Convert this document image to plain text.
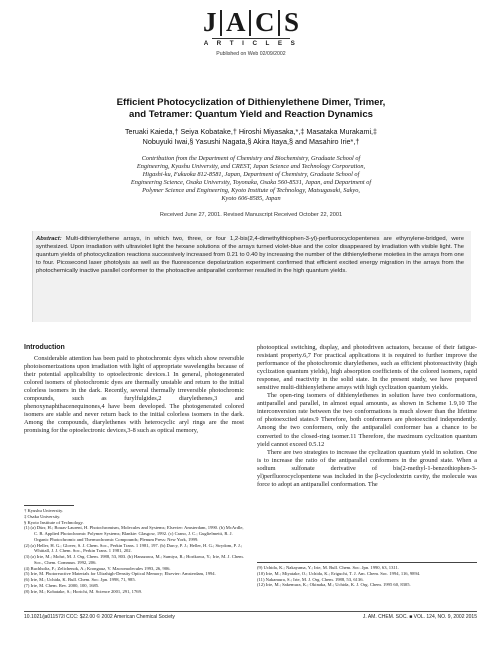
J A C S
A R T I C L E S
Published on Web 02/09/2002
Efficient Photocyclization of Dithienylethene Dimer, Trimer,
and Tetramer: Quantum Yield and Reaction Dynamics
Teruaki Kaieda,† Seiya Kobatake,† Hiroshi Miyasaka,*,‡ Masataka Murakami,‡
Nobuyuki Iwai,§ Yasushi Nagata,§ Akira Itaya,§ and Masahiro Irie*,†
Contribution from the Department of Chemistry and Biochemistry, Graduate School of
Engineering, Kyushu University, and CREST, Japan Science and Technology Corporation,
Higashi-ku, Fukuoka 812-8581, Japan, Department of Chemistry, Graduate School of
Engineering Science, Osaka University, Toyonaka, Osaka 560-8531, Japan, and Department of
Polymer Science and Engineering, Kyoto Institute of Technology, Matsugasaki, Sakyo,
Kyoto 606-8585, Japan
Received June 27, 2001. Revised Manuscript Received October 22, 2001
Abstract: Multi-dithienylethene arrays, in which two, three, or four 1,2-bis(2,4-dimethylthiophen-3-yl)-perfluorocyclopentenes are ethynylene-bridged, were synthesized. Upon irradiation with ultraviolet light the hexane solutions of the arrays turned violet-blue and the color disappeared by irradiation with visible light. The quantum yields of photocyclization reactions successively increased from 0.21 to 0.40 by increasing the number of the dithienylethene moieties in the arrays from one to four. Picosecond laser photolysis as well as the fluorescence depolarization experiment confirmed that efficient excited energy migration in the arrays from the photochemically inactive parallel conformer to the photoactive antiparallel conformer resulted in the high quantum yields.
Introduction

Considerable attention has been paid to photochromic dyes which show reversible photoisomerizations upon irradiation with light of appropriate wavelengths because of their potential applicability to optoelectronic devices.1 In general, photogenerated colored isomers of photochromic dyes are thermally unstable and return to the initial colorless isomers in the dark. Recently, several thermally irreversible photochromic compounds, such as furylfulgides,2 diarylethenes,3 and phenoxynaphthacenequinones,4 have been developed. The photogenerated colored isomers are stable and never return back to the initial colorless isomers in the dark. Among the compounds, diarylethenes with heterocyclic aryl rings are the most promising for the optoelectronic devices,3-8 such as optical memory,

photooptical switching, display, and photodriven actuators, because of their fatigue-resistant property.6,7 For practical applications it is required to further improve the performance of the photochromic diarylethenes, such as efficient photoreactivity (high cyclization quantum yields), high absorption coefficients of the colored isomers, rapid response, and reactivity in the solid state. In the present study, we have prepared sensitive multi-dithienylethene arrays with high cyclization quantum yields.

The open-ring isomers of dithienylethenes in solution have two conformations, antiparallel and parallel, in almost equal amounts, as shown in Scheme 1.9,10 The interconversion rate between the two conformations is much slower than the lifetime of photoexcited states.9 Therefore, both conformers are photoexcited independently. Among the two conformers, only the antiparallel conformer has a chance to be converted to the closed-ring isomer.11 Therefore, the maximum cyclization quantum yield cannot exceed 0.5.12

There are two strategies to increase the cyclization quantum yield in solution. One is to increase the ratio of the antiparallel conformers in the ground state. When a sodium sulfonate derivative of bis(2-methyl-1-benzothiophen-3-yl)perfluorocyclopentene was included in the β-cyclodextrin cavity, the molecule was force to adopt an antiparallel conformation. The

† Kyushu University.
‡ Osaka University.
§ Kyoto Institute of Technology.
(1) (a) Dürr, H.; Bouas-Laurent, H. Photochromism, Molecules and Systems; Elsevier: Amsterdam, 1990. (b) McArdle, C. B. Applied Photochromic Polymer Systems; Blankie: Glasgow, 1992. (c) Crano, J. C.; Guglielmetti, R. J. Organic Photochromic and Thermochromic Compounds; Plenum Press: New York, 1999.
(2) (a) Heller, H. G.; Glover, S. J. Chem. Soc., Perkin Trans. 1 1981, 197. (b) Darcy, P. J.; Heller, H. G.; Strydom, P. J.; Whittall, J. J. Chem. Soc., Perkin Trans. 1 1981, 202.
(3) (a) Irie, M.; Mohri, M. J. Org. Chem. 1988, 53, 803. (b) Hanazawa, M.; Sumiya, R.; Horikawa, Y.; Irie, M. J. Chem. Soc., Chem. Commun. 1992, 206.
(4) Buchholtz, F.; Zelichenok, A.; Krongauz, V. Macromolecules 1993, 26, 906.
(5) Irie, M. Photoreactive Materials for Ultrahigh-Density Optical Memory; Elsevier: Amsterdam, 1994.
(6) Irie, M.; Uchida, K. Bull. Chem. Soc. Jpn. 1998, 71, 985.
(7) Irie, M. Chem. Rev. 2000, 100, 1685.
(8) Irie, M.; Kobatake, S.; Horichi, M. Science 2001, 291, 1769.
(9) Uchida, K.; Nakayama, Y.; Irie, M. Bull. Chem. Soc. Jpn. 1990, 63, 1311.
(10) Irie, M.; Miyatake, O.; Uchida, K.; Eriguchi, T. J. Am. Chem. Soc. 1994, 116, 9894.
(11) Nakamura, S.; Irie, M. J. Org. Chem. 1988, 53, 6136.
(12) Irie, M.; Sakemura, K.; Okinaka, M.; Uchida, K. J. Org. Chem. 1995 60, 8305.
10.1021/ja011572l CCC: $22.00 © 2002 American Chemical Society	J. AM. CHEM. SOC. ■ VOL. 124, NO. 9, 2002 2015
